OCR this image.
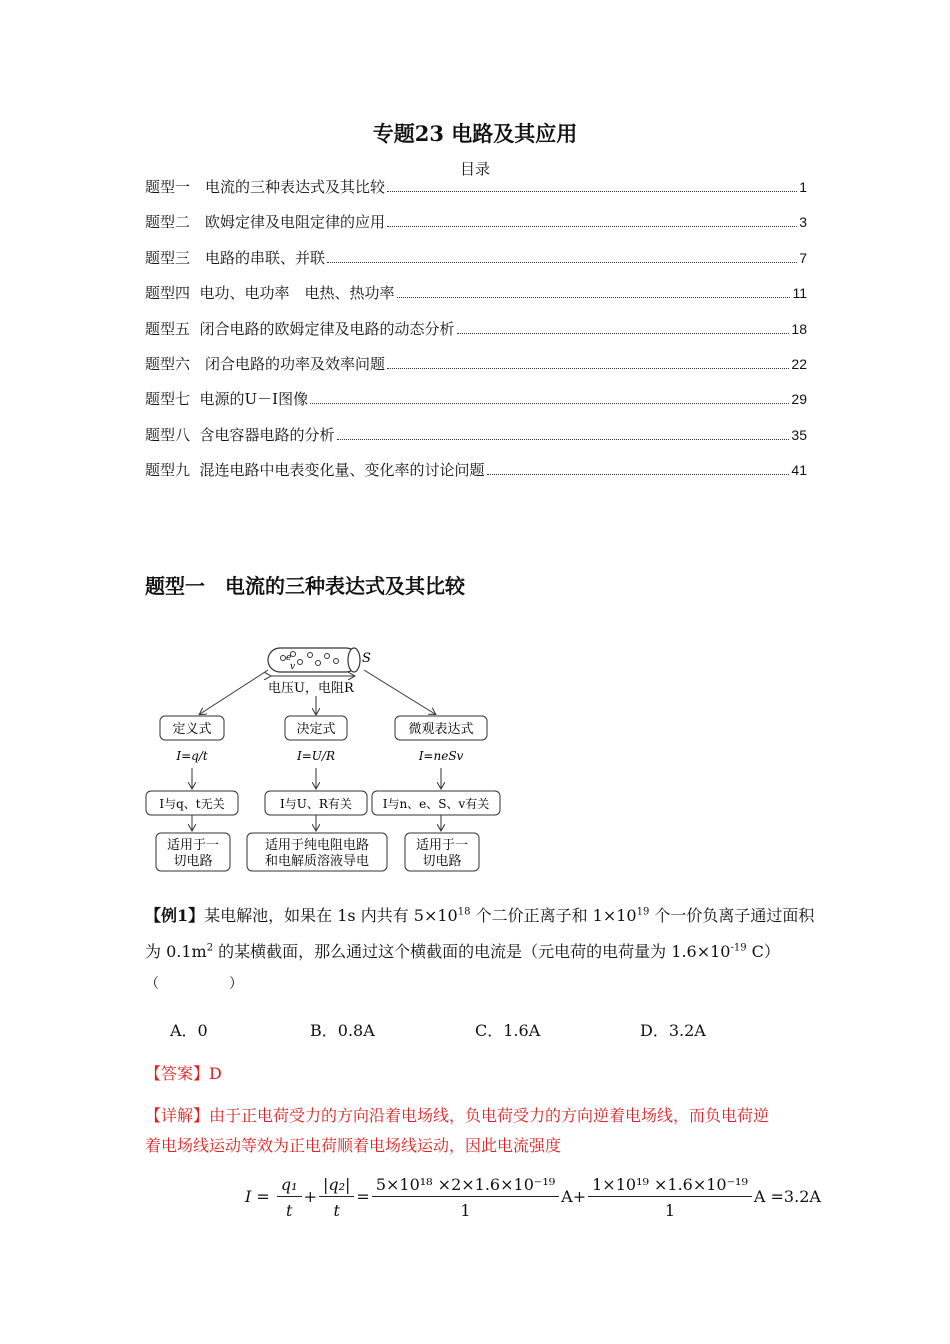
专题23 电路及其应用
目录
题型一　电流的三种表达式及其比较	1
题型二　欧姆定律及电阻定律的应用	3
题型三　电路的串联、并联	7
题型四  电功、电功率　电热、热功率	11
题型五  闭合电路的欧姆定律及电路的动态分析	18
题型六　闭合电路的功率及效率问题	22
题型七  电源的U－I图像	29
题型八  含电容器电路的分析	35
题型九  混连电路中电表变化量、变化率的讨论问题	41
题型一　电流的三种表达式及其比较
e
v
S
电压U，电阻R
定义式	决定式	微观表达式
I=q/t	I=U/R	I=neSv
I与q、t无关	I与U、R有关	I与n、e、S、v有关
适用于一
切电路
适用于纯电阻电路
和电解质溶液导电
适用于一
切电路
【例1】某电解池，如果在 1s 内共有 $5\times 10^{18}$ 个二价正离子和 $1\times 10^{19}$ 个一价负离子通过面积
为 $0.1m^2$ 的某横截面，那么通过这个横截面的电流是（元电荷的电荷量为 $1.6\times 10^{-19}$ C）
（　　　　　）
A．0	B．0.8A	C．1.6A	D．3.2A
【答案】D
【详解】由于正电荷受力的方向沿着电场线，负电荷受力的方向逆着电场线，而负电荷逆
着电场线运动等效为正电荷顺着电场线运动，因此电流强度
$I = \frac{\text{q₁}}{t} + \frac{\text{|q₂|}}{t} = \frac{\text{5×10¹⁸ ×2×1.6×10⁻¹⁹}}{1} A+ \frac{\text{1×10¹⁹ ×1.6×10⁻¹⁹}}{1}$ A =3.2A
